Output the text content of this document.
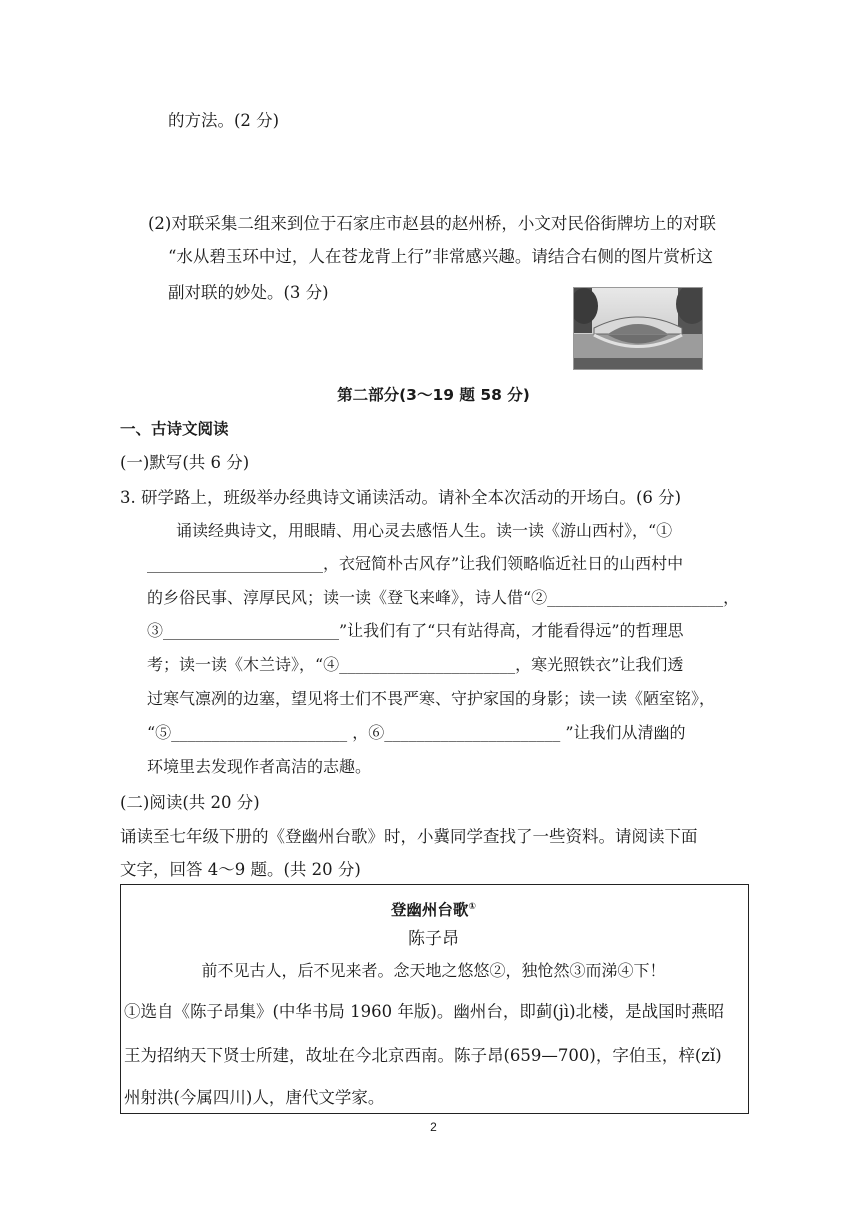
的方法。(2 分)
(2)对联采集二组来到位于石家庄市赵县的赵州桥，小文对民俗街牌坊上的对联
“水从碧玉环中过，人在苍龙背上行”非常感兴趣。请结合右侧的图片赏析这
副对联的妙处。(3 分)
第二部分(3～19 题 58 分)
一、古诗文阅读
(一)默写(共 6 分)
3. 研学路上，班级举办经典诗文诵读活动。请补全本次活动的开场白。(6 分)
诵读经典诗文，用眼睛、用心灵去感悟人生。读一读《游山西村》，“①
______________________，衣冠简朴古风存”让我们领略临近社日的山西村中
的乡俗民事、淳厚民风；读一读《登飞来峰》，诗人借“②______________________，
③______________________”让我们有了“只有站得高，才能看得远”的哲理思
考；读一读《木兰诗》，“④______________________，寒光照铁衣”让我们透
过寒气凛冽的边塞，望见将士们不畏严寒、守护家国的身影；读一读《陋室铭》，
“⑤______________________ ，⑥______________________ ”让我们从清幽的
环境里去发现作者高洁的志趣。
(二)阅读(共 20 分)
诵读至七年级下册的《登幽州台歌》时，小冀同学查找了一些资料。请阅读下面
文字，回答 4～9 题。(共 20 分)
登幽州台歌①
陈子昂
前不见古人，后不见来者。念天地之悠悠②，独怆然③而涕④下！
①选自《陈子昂集》(中华书局 1960 年版)。幽州台，即蓟(jì)北楼，是战国时燕昭
王为招纳天下贤士所建，故址在今北京西南。陈子昂(659—700)，字伯玉，梓(zǐ)
州射洪(今属四川)人，唐代文学家。
2
